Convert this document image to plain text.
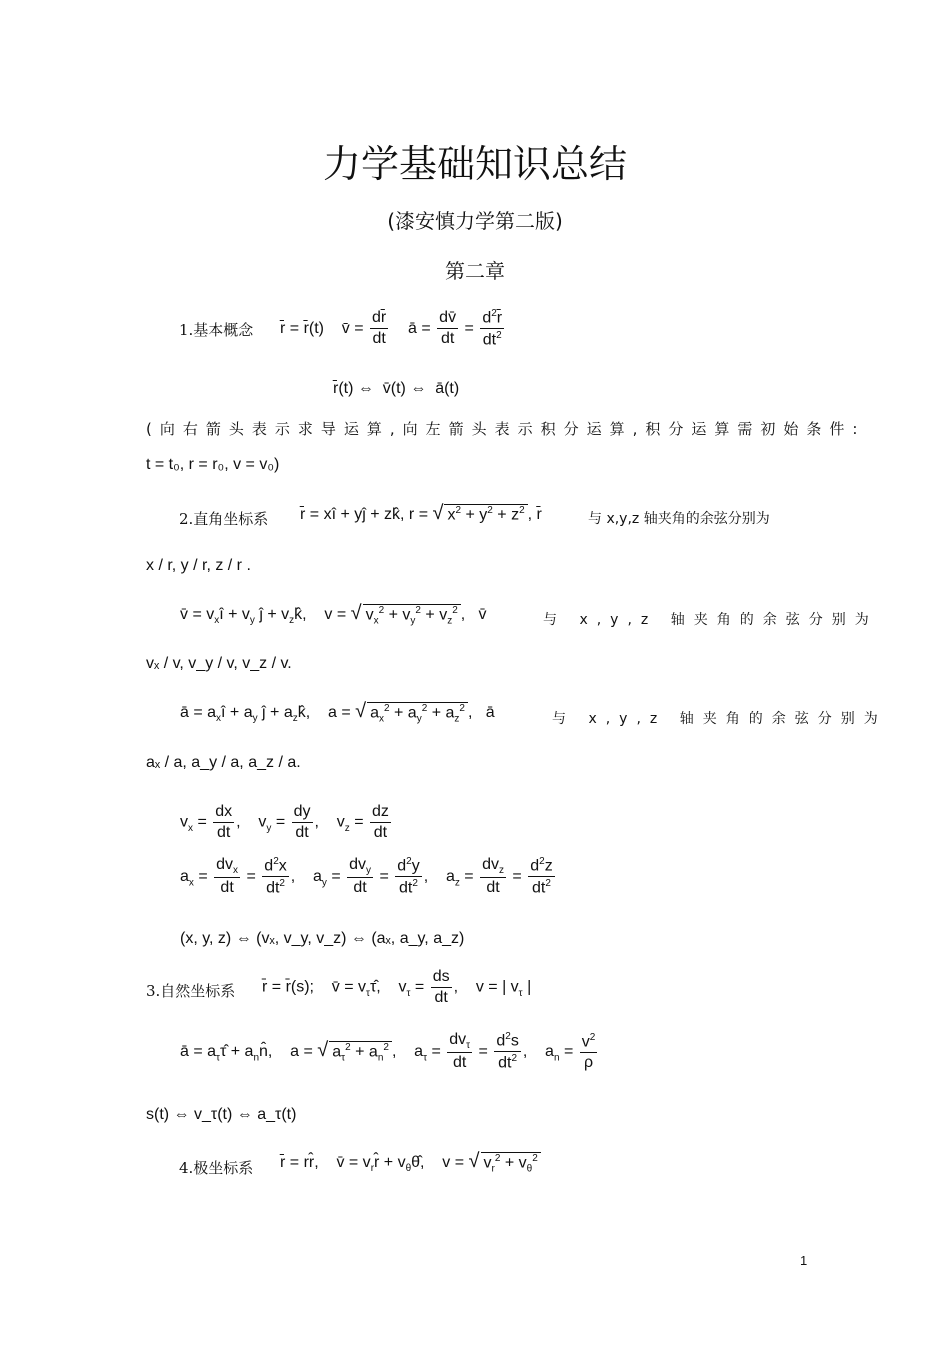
力学基础知识总结
(漆安慎力学第二版)
第二章
1.基本概念 r̄ = r̄(t)    v̄ = $\frac{dr̄}{dt}$ ā = $\frac{dv̄}{dt} = \frac{d^2r̄}{dt^2}$
r̄(t) ⇔  v̄(t) ⇔  ā(t)
(向右箭头表示求导运算,向左箭头表示积分运算,积分运算需初始条件:
t = t₀, r = r₀, v = v₀)
2.直角坐标系 r̄ = xî + yĵ + zk̂, r = √ $x^2 + y^2 + z^2$ , r̄	与 x,y,z 轴夹角的余弦分别为
x / r, y / r, z / r .
v̄ = $v_xî + v_y$ ĵ + $v_zk̂$,    v = √ $v_x^2 + v_y^2 + v_z^2$ ,   v̄	与 x,y,z 轴夹角的余弦分别为
vₓ / v, v_y / v, v_z / v.
ā = $a_xî + a_y$ ĵ + $a_zk̂$,    a = √ $a_x^2 + a_y^2 + a_z^2$ ,   ā	与 x,y,z 轴夹角的余弦分别为
aₓ / a, a_y / a, a_z / a.
$v_x = \frac{dx}{dt}$ ,    $v_y = \frac{dy}{dt}$ ,    $v_z = \frac{dz}{dt}$
$a_x = \frac{dv_x}{dt} = \frac{d^2x}{dt^2}$ ,    $a_y = \frac{dv_y}{dt} = \frac{d^2y}{dt^2}$ ,    $a_z = \frac{dv_z}{dt} = \frac{d^2z}{dt^2}$
(x, y, z) ⇔ (vₓ, v_y, v_z) ⇔ (aₓ, a_y, a_z)
3.自然坐标系 r̄ = r̄(s);    v̄ = $v_\tau\taû$,    $v_\tau = \frac{ds}{dt}$ ,    v = | $v_\tau$ |
ā = $a_\tau\taû$ + $a_nn̂$,    a = √ $a_\tau^2 + a_n^2$ ,    $a_\tau = \frac{dv_\tau}{dt} = \frac{d^2s}{dt^2}$ ,    $a_n = \frac{v^2}{\rho}$
s(t) ⇔ v_τ(t) ⇔ a_τ(t)
4.极坐标系 r̄ = rr̂,    v̄ = $v_rr̂$ + $v_\theta\thetâ$,    v = √ $v_r^2 + v_\theta^2$
1
